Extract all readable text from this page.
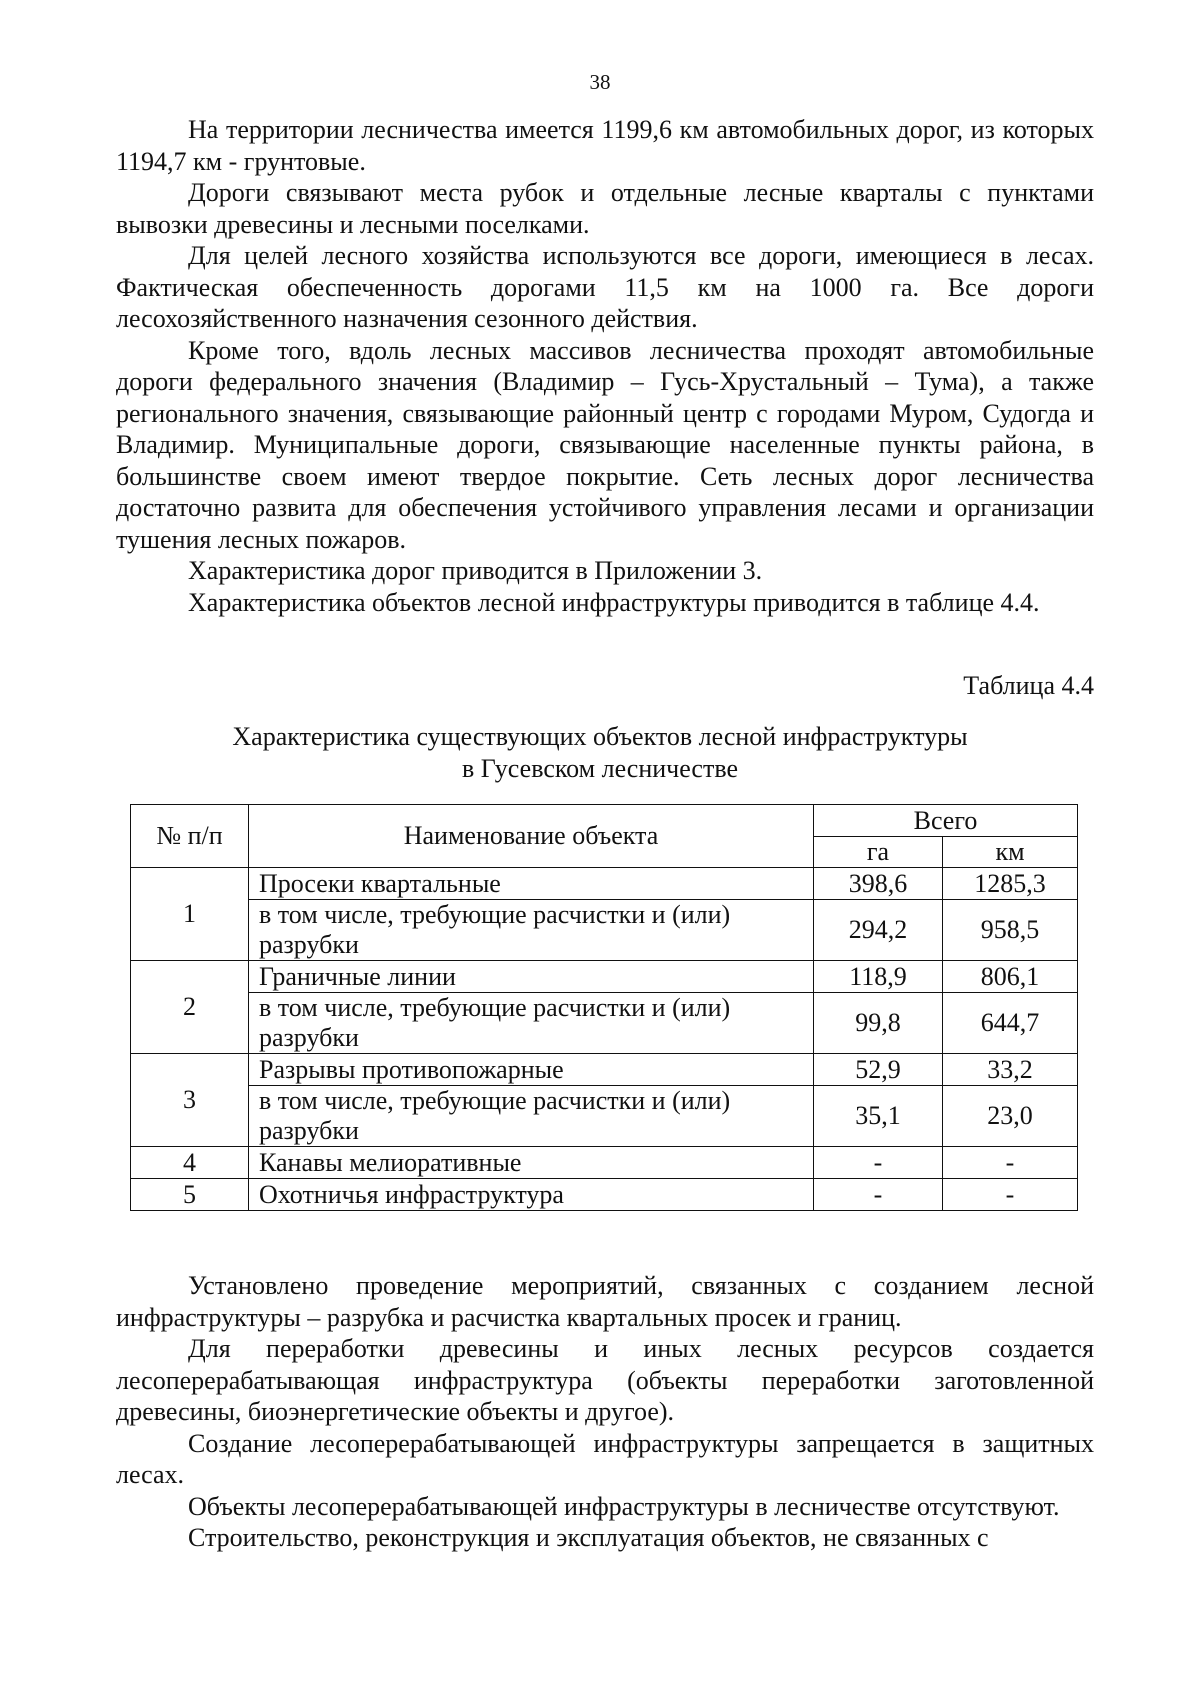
38

На территории лесничества имеется 1199,6 км автомобильных дорог, из которых 1194,7 км - грунтовые.

Дороги связывают места рубок и отдельные лесные кварталы с пунктами вывозки древесины и лесными поселками.

Для целей лесного хозяйства используются все дороги, имеющиеся в лесах. Фактическая обеспеченность дорогами 11,5 км на 1000 га. Все дороги лесохозяйственного назначения сезонного действия.

Кроме того, вдоль лесных массивов лесничества проходят автомобильные дороги федерального значения (Владимир – Гусь-Хрустальный – Тума), а также регионального значения, связывающие районный центр с городами Муром, Судогда и Владимир. Муниципальные дороги, связывающие населенные пункты района, в большинстве своем имеют твердое покрытие. Сеть лесных дорог лесничества достаточно развита для обеспечения устойчивого управления лесами и организации тушения лесных пожаров.

Характеристика дорог приводится в Приложении 3.

Характеристика объектов лесной инфраструктуры приводится в таблице 4.4.

Таблица 4.4
Характеристика существующих объектов лесной инфраструктуры
в Гусевском лесничестве
№ п/п	Наименование объекта	Всего	
		га	км
1	Просеки квартальные	398,6	1285,3
	в том числе, требующие расчистки и (или) разрубки	294,2	958,5
2	Граничные линии	118,9	806,1
	в том числе, требующие расчистки и (или) разрубки	99,8	644,7
3	Разрывы противопожарные	52,9	33,2
	в том числе, требующие расчистки и (или) разрубки	35,1	23,0
4	Канавы мелиоративные	-	-
5	Охотничья инфраструктура	-	-

Установлено проведение мероприятий, связанных с созданием лесной инфраструктуры – разрубка и расчистка квартальных просек и границ.

Для переработки древесины и иных лесных ресурсов создается лесоперерабатывающая инфраструктура (объекты переработки заготовленной древесины, биоэнергетические объекты и другое).

Создание лесоперерабатывающей инфраструктуры запрещается в защитных лесах.

Объекты лесоперерабатывающей инфраструктуры в лесничестве отсутствуют.

Строительство, реконструкция и эксплуатация объектов, не связанных с
